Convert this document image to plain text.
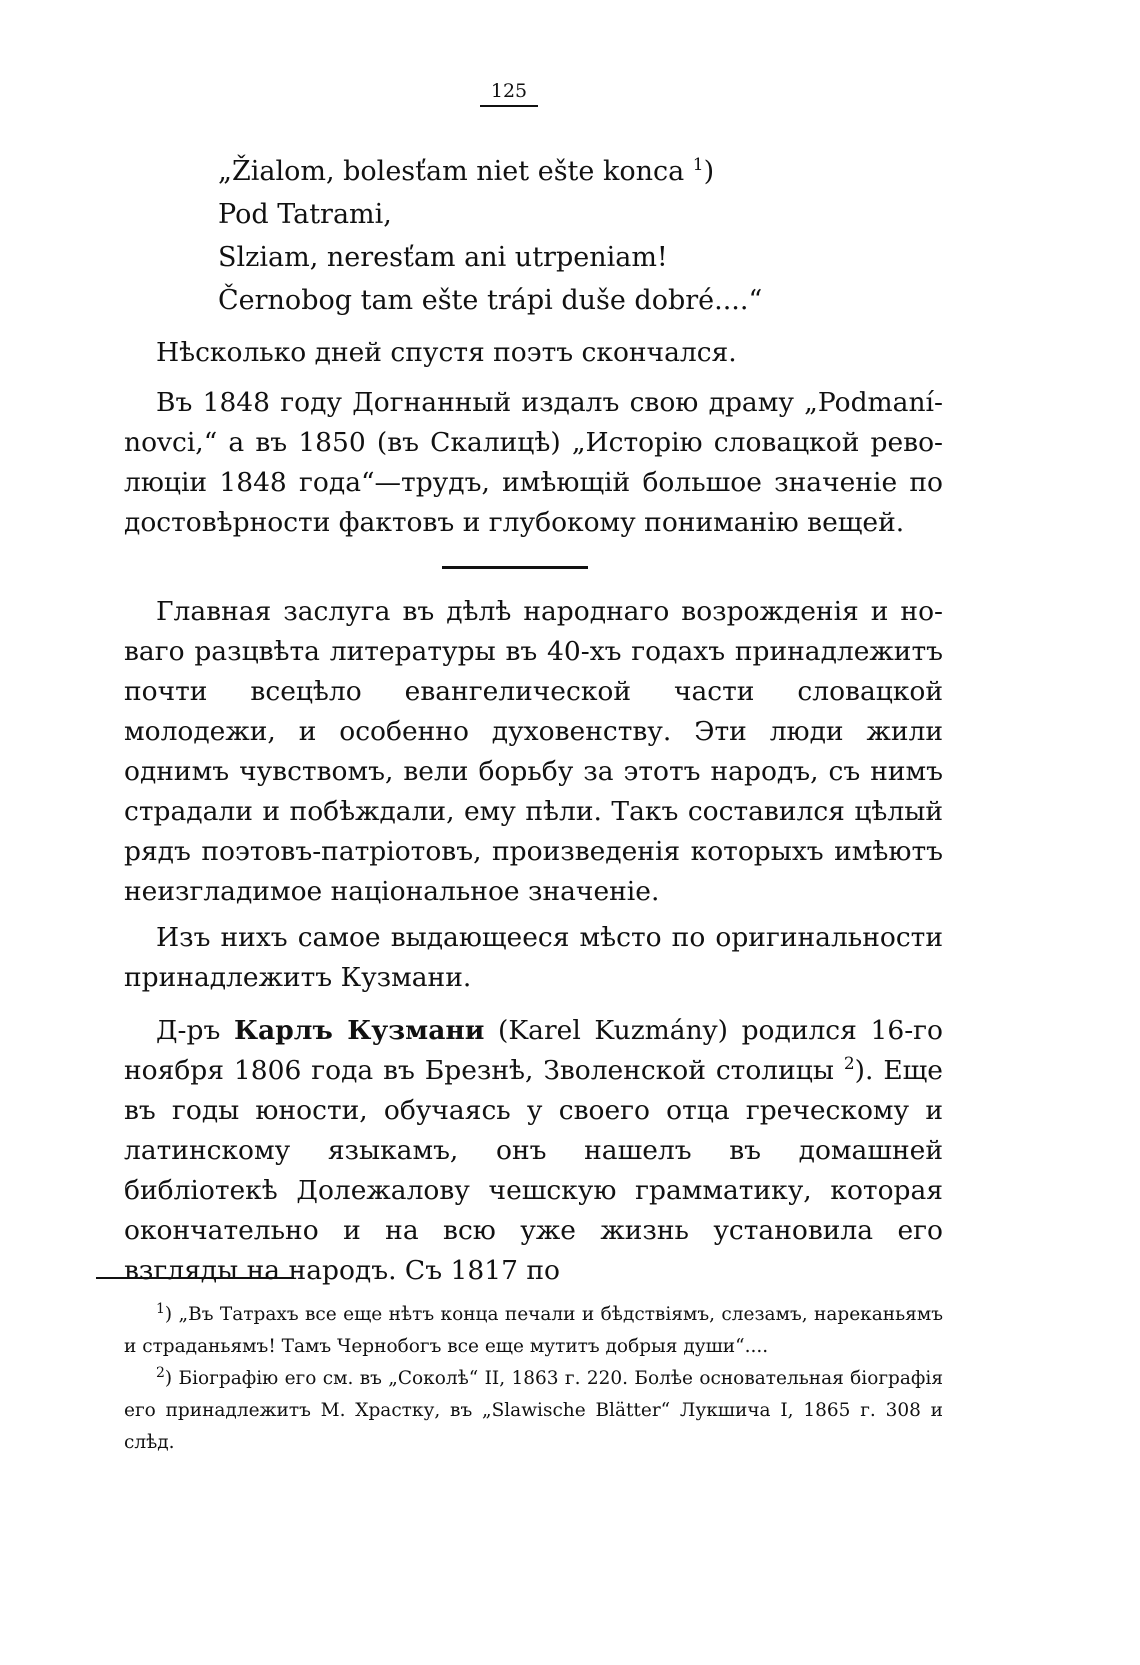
125
„Žialom, bolesťam niet ešte konca $^1$)
Pod Tatrami,
Slziam, neresťam ani utrpeniam!
Černobog tam ešte trápi duše dobré....“

Нѣсколько дней спустя поэтъ скончался.

Въ 1848 году Догнанный издалъ свою драму „Podmanínovci,“ а въ 1850 (въ Скалицѣ) „Исторію словацкой революціи 1848 года“—трудъ, имѣющій большое значеніе по достовѣрности фактовъ и глубокому пониманію вещей.

Главная заслуга въ дѣлѣ народнаго возрожденія и новаго разцвѣта литературы въ 40-хъ годахъ принадлежитъ почти всецѣло евангелической части словацкой молодежи, и особенно духовенству. Эти люди жили однимъ чувствомъ, вели борьбу за этотъ народъ, съ нимъ страдали и побѣждали, ему пѣли. Такъ составился цѣлый рядъ поэтовъ-патріотовъ, произведенія которыхъ имѣютъ неизгладимое національное значеніе.

Изъ нихъ самое выдающееся мѣсто по оригинальности принадлежитъ Кузмани.

Д-ръ Карлъ Кузмани (Karel Kuzmány) родился 16-го ноября 1806 года въ Брезнѣ, Зволенской столицы $^2$). Еще въ годы юности, обучаясь у своего отца греческому и латинскому языкамъ, онъ нашелъ въ домашней библіотекѣ Долежалову чешскую грамматику, которая окончательно и на всю уже жизнь установила его взгляды на народъ. Съ 1817 по

$^1$) „Въ Татрахъ все еще нѣтъ конца печали и бѣдствіямъ, слезамъ, нареканьямъ и страданьямъ! Тамъ Чернобогъ все еще мутитъ добрыя души“....

$^2$) Біографію его см. въ „Соколѣ“ II, 1863 г. 220. Болѣе основательная біографія его принадлежитъ М. Храстку, въ „Slawische Blätter“ Лукшича I, 1865 г. 308 и слѣд.
